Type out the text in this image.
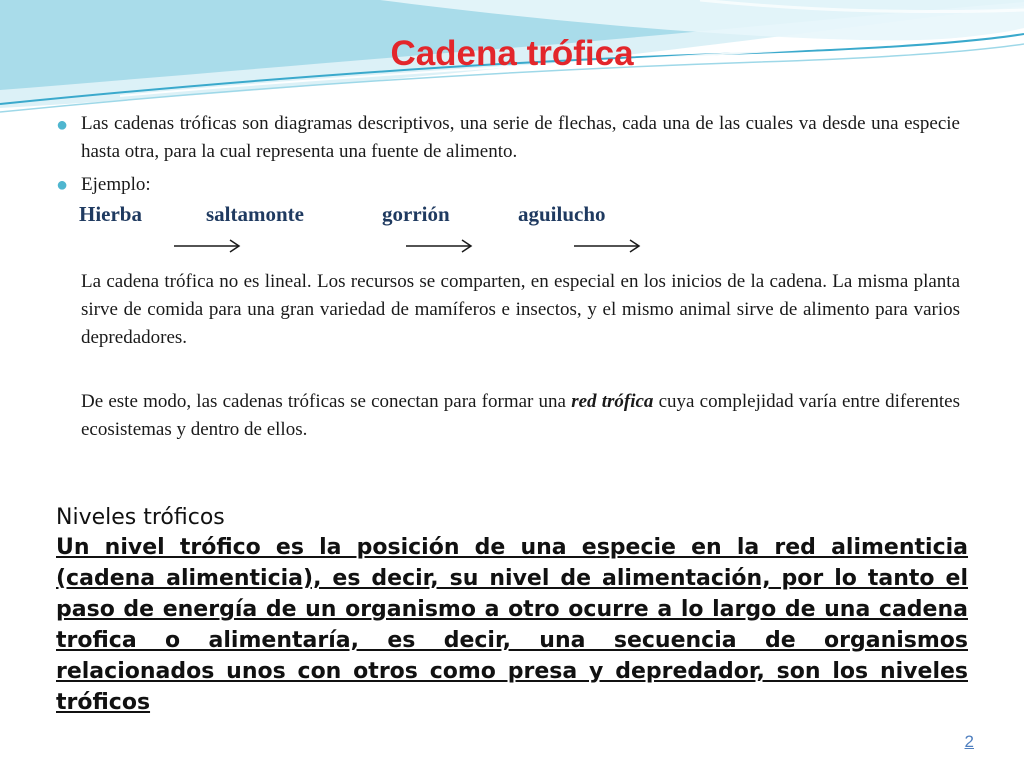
Cadena trófica
● Las cadenas tróficas son diagramas descriptivos, una serie de flechas, cada una de las cuales va desde una especie hasta otra, para la cual representa una fuente de alimento.

● Ejemplo:

Hierba	saltamonte	gorrión	aguilucho

La cadena trófica no es lineal. Los recursos se comparten, en especial en los inicios de la cadena. La misma planta sirve de comida para una gran variedad de mamíferos e insectos, y el mismo animal sirve de alimento para varios depredadores.

De este modo, las cadenas tróficas se conectan para formar una red trófica cuya complejidad varía entre diferentes ecosistemas y dentro de ellos.

Niveles tróficos

Un nivel trófico es la posición de una especie en la red alimenticia (cadena alimenticia), es decir, su nivel de alimentación, por lo tanto el paso de energía de un organismo a otro ocurre a lo largo de una cadena trofica o alimentaría, es decir, una secuencia de organismos relacionados unos con otros como presa y depredador, son los niveles tróficos

2
